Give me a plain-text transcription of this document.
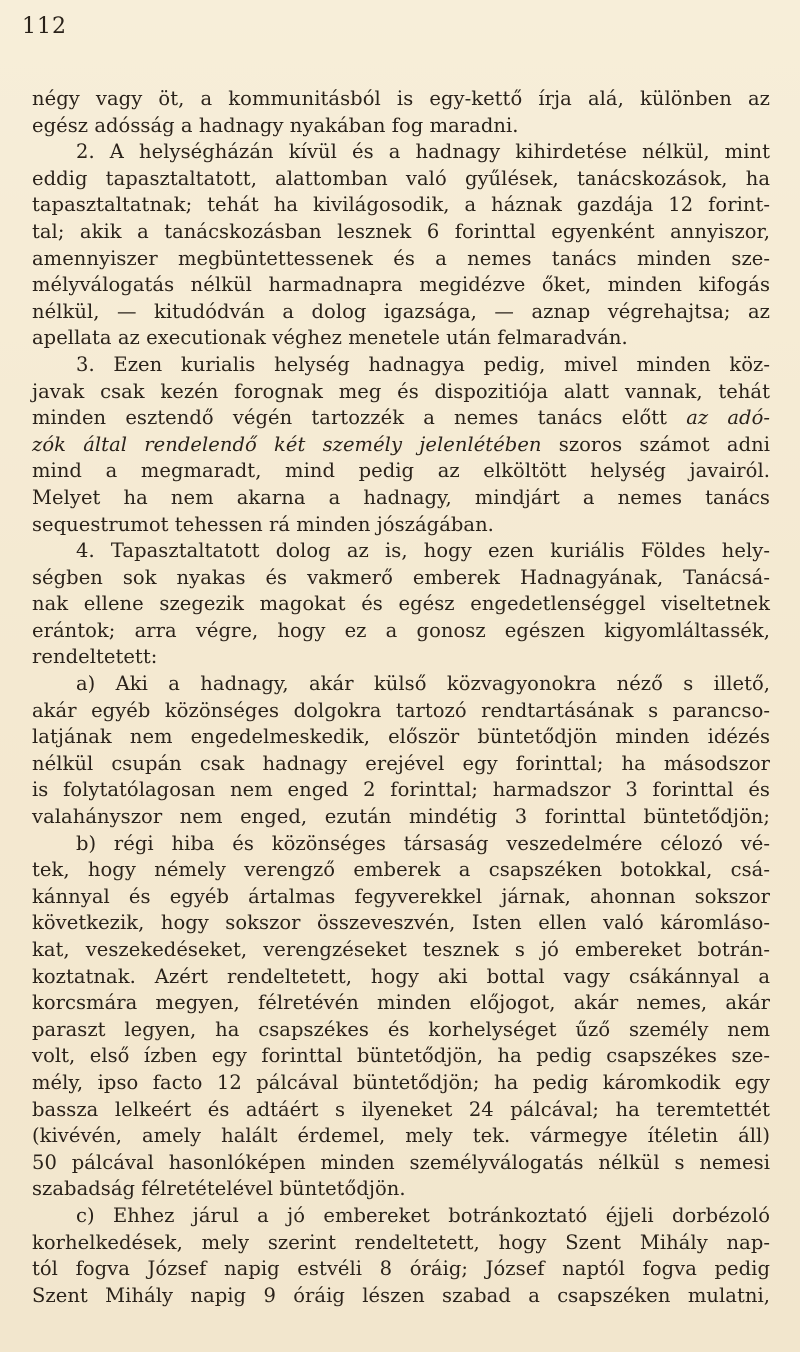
112
négy vagy öt, a kommunitásból is egy-kettő írja alá, különben az
egész adósság a hadnagy nyakában fog maradni.
2. A helységházán kívül és a hadnagy kihirdetése nélkül, mint
eddig tapasztaltatott, alattomban való gyűlések, tanácskozások, ha
tapasztaltatnak; tehát ha kivilágosodik, a háznak gazdája 12 forint-
tal; akik a tanácskozásban lesznek 6 forinttal egyenként annyiszor,
amennyiszer megbüntettessenek és a nemes tanács minden sze-
mélyválogatás nélkül harmadnapra megidézve őket, minden kifogás
nélkül, — kitudódván a dolog igazsága, — aznap végrehajtsa; az
apellata az executionak véghez menetele után felmaradván.
3. Ezen kurialis helység hadnagya pedig, mivel minden köz-
javak csak kezén forognak meg és dispozitiója alatt vannak, tehát
minden esztendő végén tartozzék a nemes tanács előtt az adó-
zók által rendelendő két személy jelenlétében szoros számot adni
mind a megmaradt, mind pedig az elköltött helység javairól.
Melyet ha nem akarna a hadnagy, mindjárt a nemes tanács
sequestrumot tehessen rá minden jószágában.
4. Tapasztaltatott dolog az is, hogy ezen kuriális Földes hely-
ségben sok nyakas és vakmerő emberek Hadnagyának, Tanácsá-
nak ellene szegezik magokat és egész engedetlenséggel viseltetnek
erántok; arra végre, hogy ez a gonosz egészen kigyomláltassék,
rendeltetett:
a) Aki a hadnagy, akár külső közvagyonokra néző s illető,
akár egyéb közönséges dolgokra tartozó rendtartásának s parancso-
latjának nem engedelmeskedik, először büntetődjön minden idézés
nélkül csupán csak hadnagy erejével egy forinttal; ha másodszor
is folytatólagosan nem enged 2 forinttal; harmadszor 3 forinttal és
valahányszor nem enged, ezután mindétig 3 forinttal büntetődjön;
b) régi hiba és közönséges társaság veszedelmére célozó vé-
tek, hogy némely verengző emberek a csapszéken botokkal, csá-
kánnyal és egyéb ártalmas fegyverekkel járnak, ahonnan sokszor
következik, hogy sokszor összeveszvén, Isten ellen való káromláso-
kat, veszekedéseket, verengzéseket tesznek s jó embereket botrán-
koztatnak. Azért rendeltetett, hogy aki bottal vagy csákánnyal a
korcsmára megyen, félretévén minden előjogot, akár nemes, akár
paraszt legyen, ha csapszékes és korhelységet űző személy nem
volt, első ízben egy forinttal büntetődjön, ha pedig csapszékes sze-
mély, ipso facto 12 pálcával büntetődjön; ha pedig káromkodik egy
bassza lelkeért és adtáért s ilyeneket 24 pálcával; ha teremtettét
(kivévén, amely halált érdemel, mely tek. vármegye ítéletin áll)
50 pálcával hasonlóképen minden személyválogatás nélkül s nemesi
szabadság félretételével büntetődjön.
c) Ehhez járul a jó embereket botránkoztató éjjeli dorbézoló
korhelkedések, mely szerint rendeltetett, hogy Szent Mihály nap-
tól fogva József napig estvéli 8 óráig; József naptól fogva pedig
Szent Mihály napig 9 óráig lészen szabad a csapszéken mulatni,
